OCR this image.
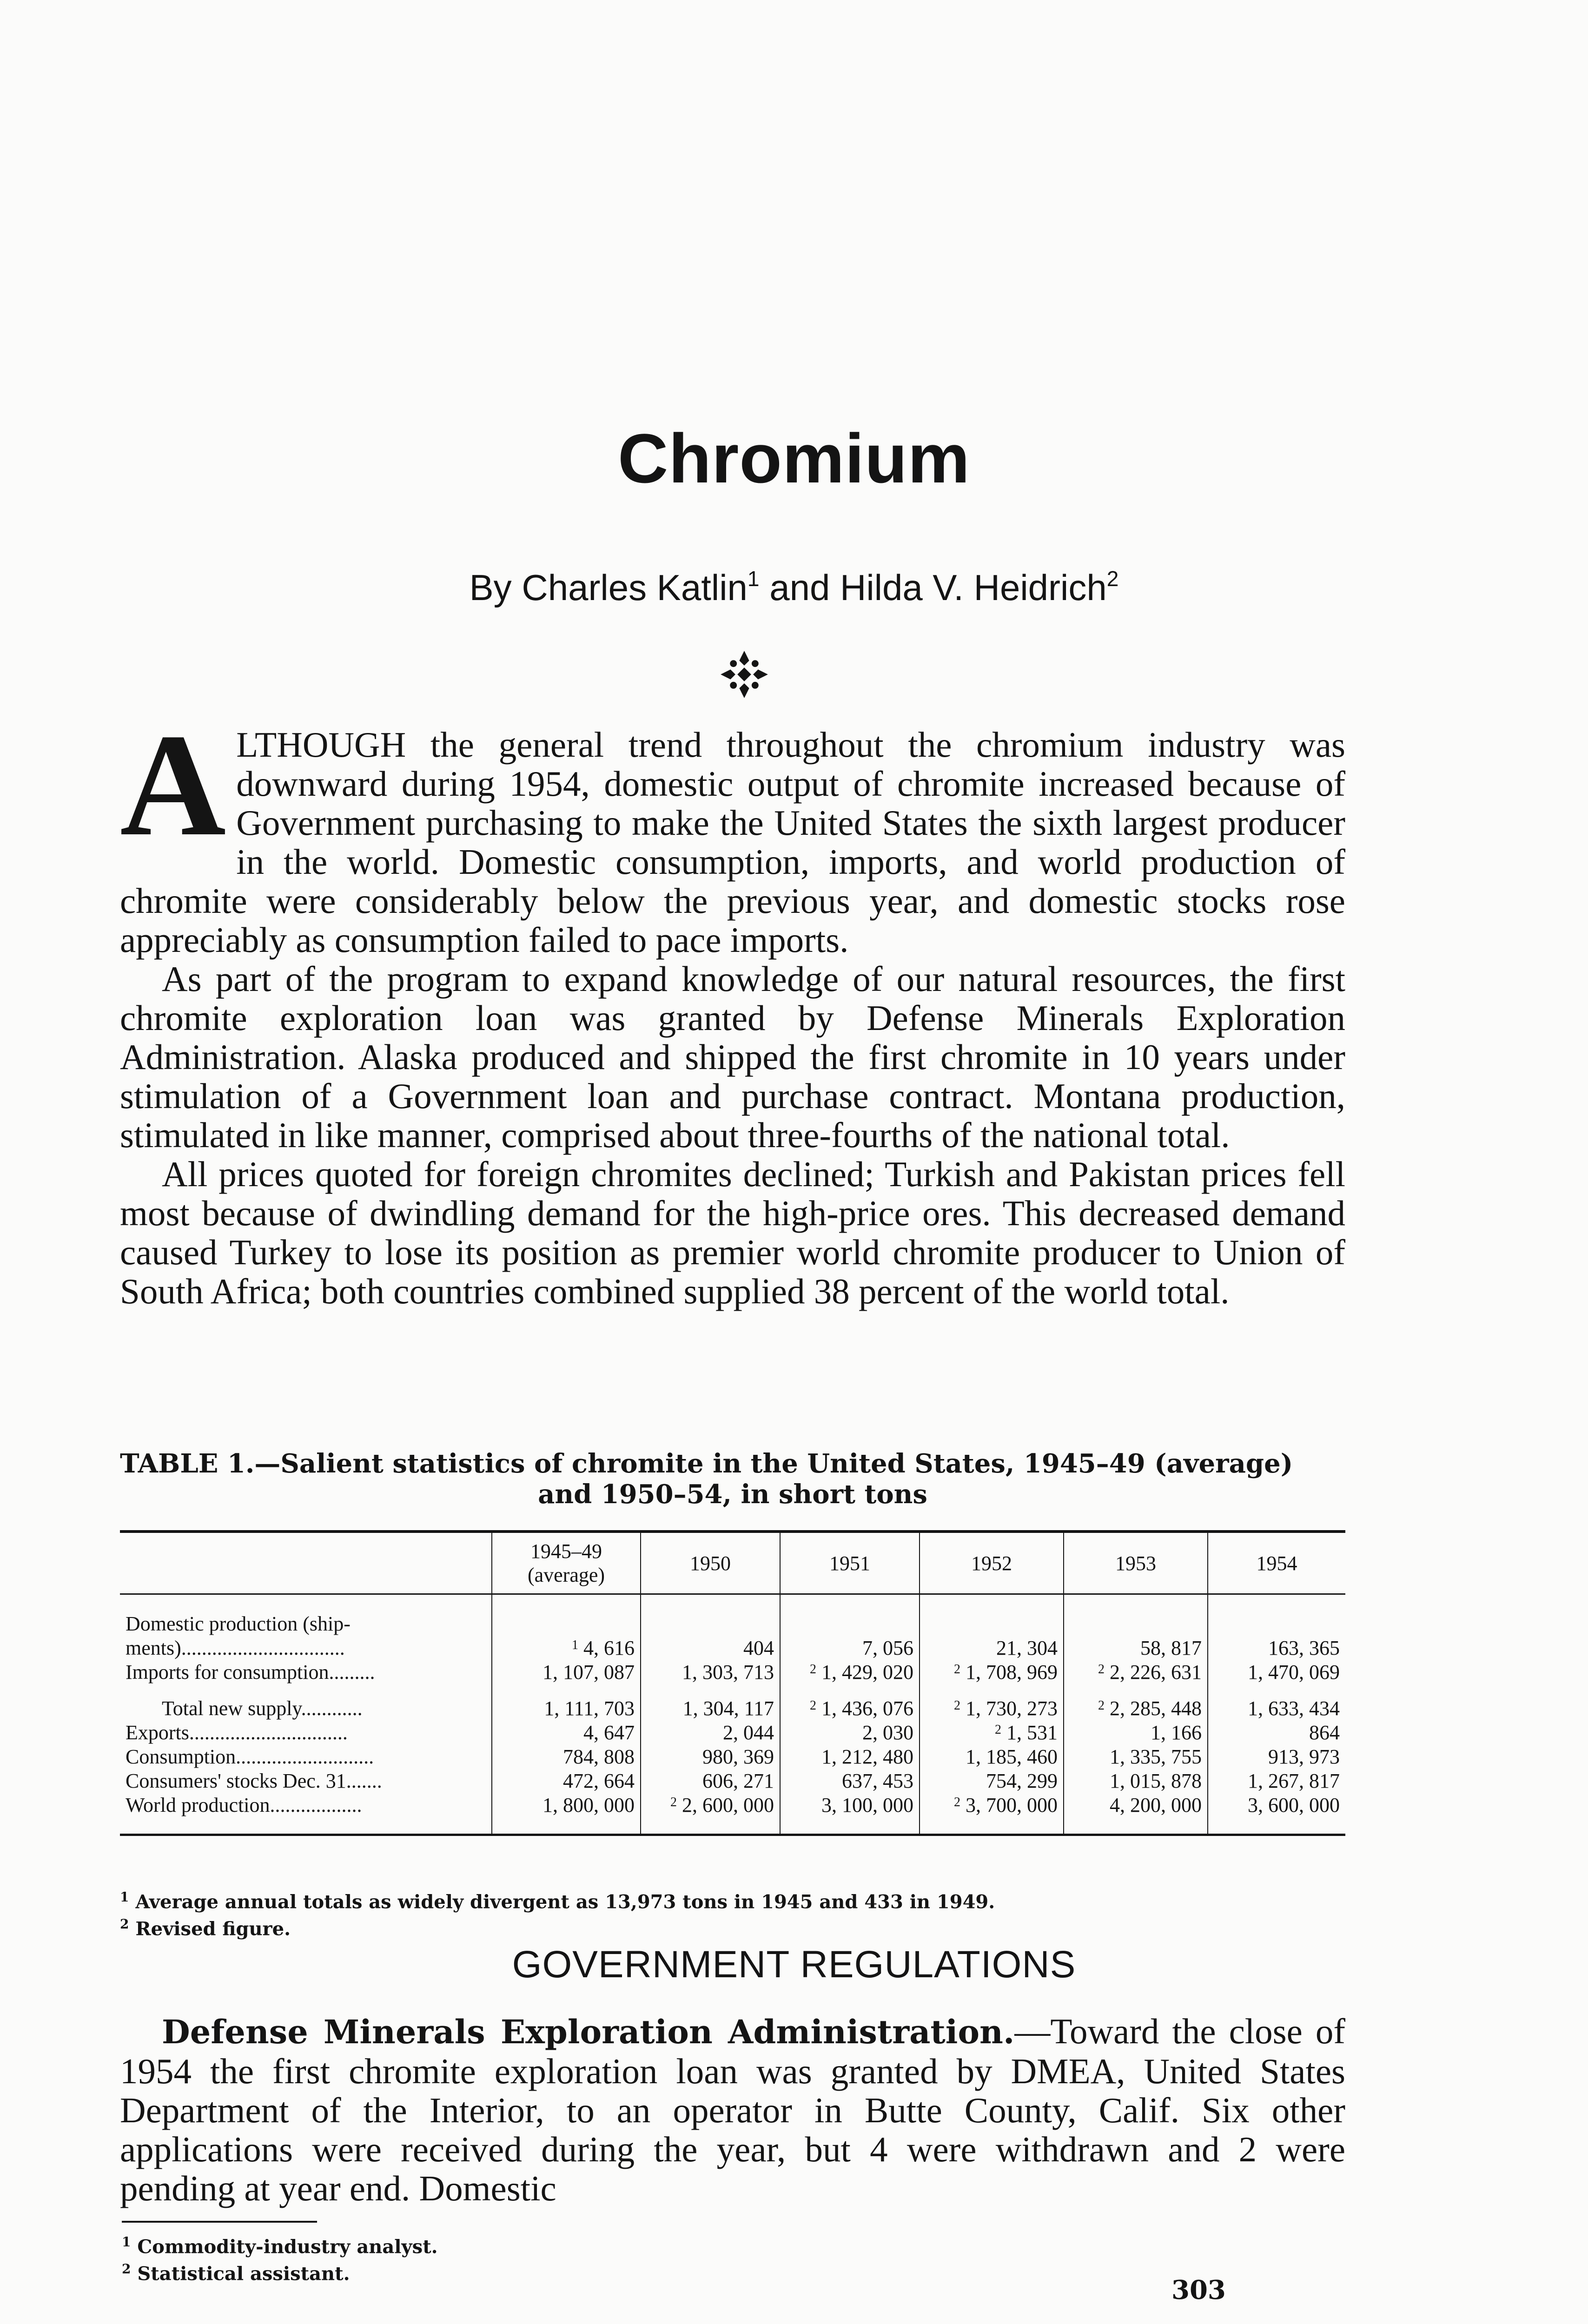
Chromium
By Charles Katlin$^1$ and Hilda V. Heidrich$^2$

ALTHOUGH the general trend throughout the chromium industry was downward during 1954, domestic output of chromite increased because of Government purchasing to make the United States the sixth largest producer in the world. Domestic consumption, imports, and world production of chromite were considerably below the previous year, and domestic stocks rose appreciably as consumption failed to pace imports.

As part of the program to expand knowledge of our natural resources, the first chromite exploration loan was granted by Defense Minerals Exploration Administration. Alaska produced and shipped the first chromite in 10 years under stimulation of a Government loan and purchase contract. Montana production, stimulated in like manner, comprised about three-fourths of the national total.

All prices quoted for foreign chromites declined; Turkish and Pakistan prices fell most because of dwindling demand for the high-price ores. This decreased demand caused Turkey to lose its position as premier world chromite producer to Union of South Africa; both countries combined supplied 38 percent of the world total.

TABLE 1.—Salient statistics of chromite in the United States, 1945–49 (average)
and 1950–54, in short tons
	1945–49
(average)	1950	1951	1952	1953	1954

Domestic production (ship-						
ments)................................	$^1$ 4, 616	404	7, 056	21, 304	58, 817	163, 365
Imports for consumption.........	1, 107, 087	1, 303, 713	$^2$ 1, 429, 020	$^2$ 1, 708, 969	$^2$ 2, 226, 631	1, 470, 069

Total new supply............	1, 111, 703	1, 304, 117	$^2$ 1, 436, 076	$^2$ 1, 730, 273	$^2$ 2, 285, 448	1, 633, 434
Exports...............................	4, 647	2, 044	2, 030	$^2$ 1, 531	1, 166	864
Consumption...........................	784, 808	980, 369	1, 212, 480	1, 185, 460	1, 335, 755	913, 973
Consumers' stocks Dec. 31.......	472, 664	606, 271	637, 453	754, 299	1, 015, 878	1, 267, 817
World production..................	1, 800, 000	$^2$ 2, 600, 000	3, 100, 000	$^2$ 3, 700, 000	4, 200, 000	3, 600, 000

$^1$ Average annual totals as widely divergent as 13,973 tons in 1945 and 433 in 1949.
$^2$ Revised figure.
GOVERNMENT REGULATIONS

Defense Minerals Exploration Administration.—Toward the close of 1954 the first chromite exploration loan was granted by DMEA, United States Department of the Interior, to an operator in Butte County, Calif. Six other applications were received during the year, but 4 were withdrawn and 2 were pending at year end. Domestic

$^1$ Commodity-industry analyst.
$^2$ Statistical assistant.
303
